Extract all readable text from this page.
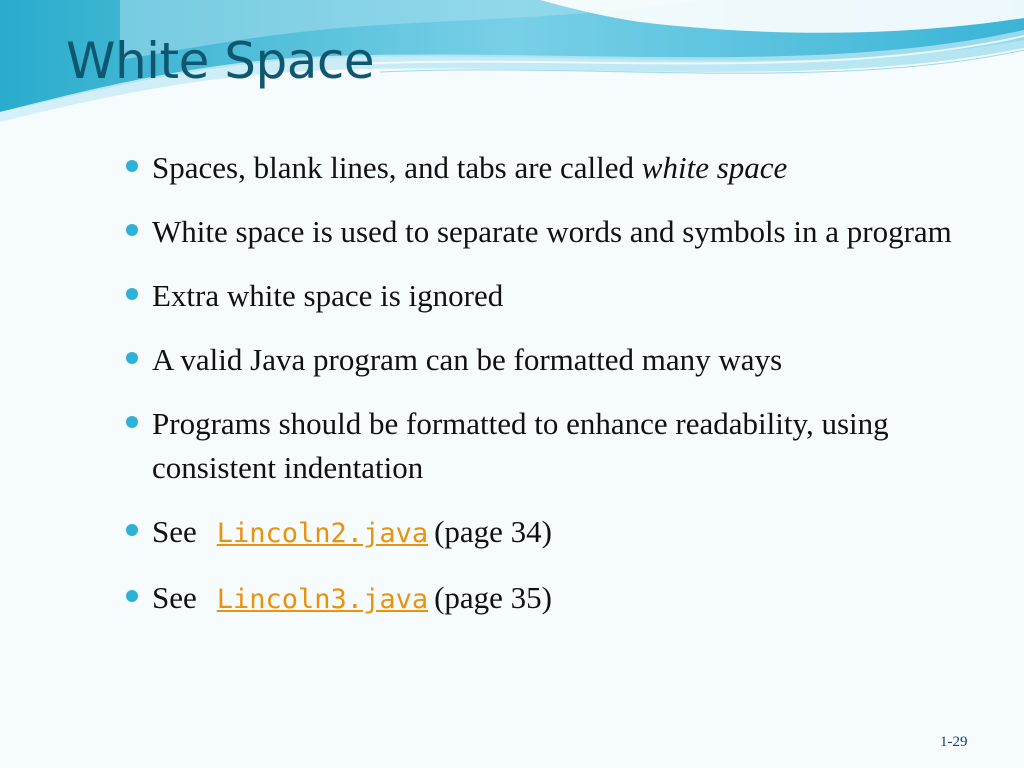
White Space
Spaces, blank lines, and tabs are called white space
White space is used to separate words and symbols in a program
Extra white space is ignored
A valid Java program can be formatted many ways
Programs should be formatted to enhance readability, using consistent indentation
See Lincoln2.java (page 34)
See Lincoln3.java (page 35)
1-29
